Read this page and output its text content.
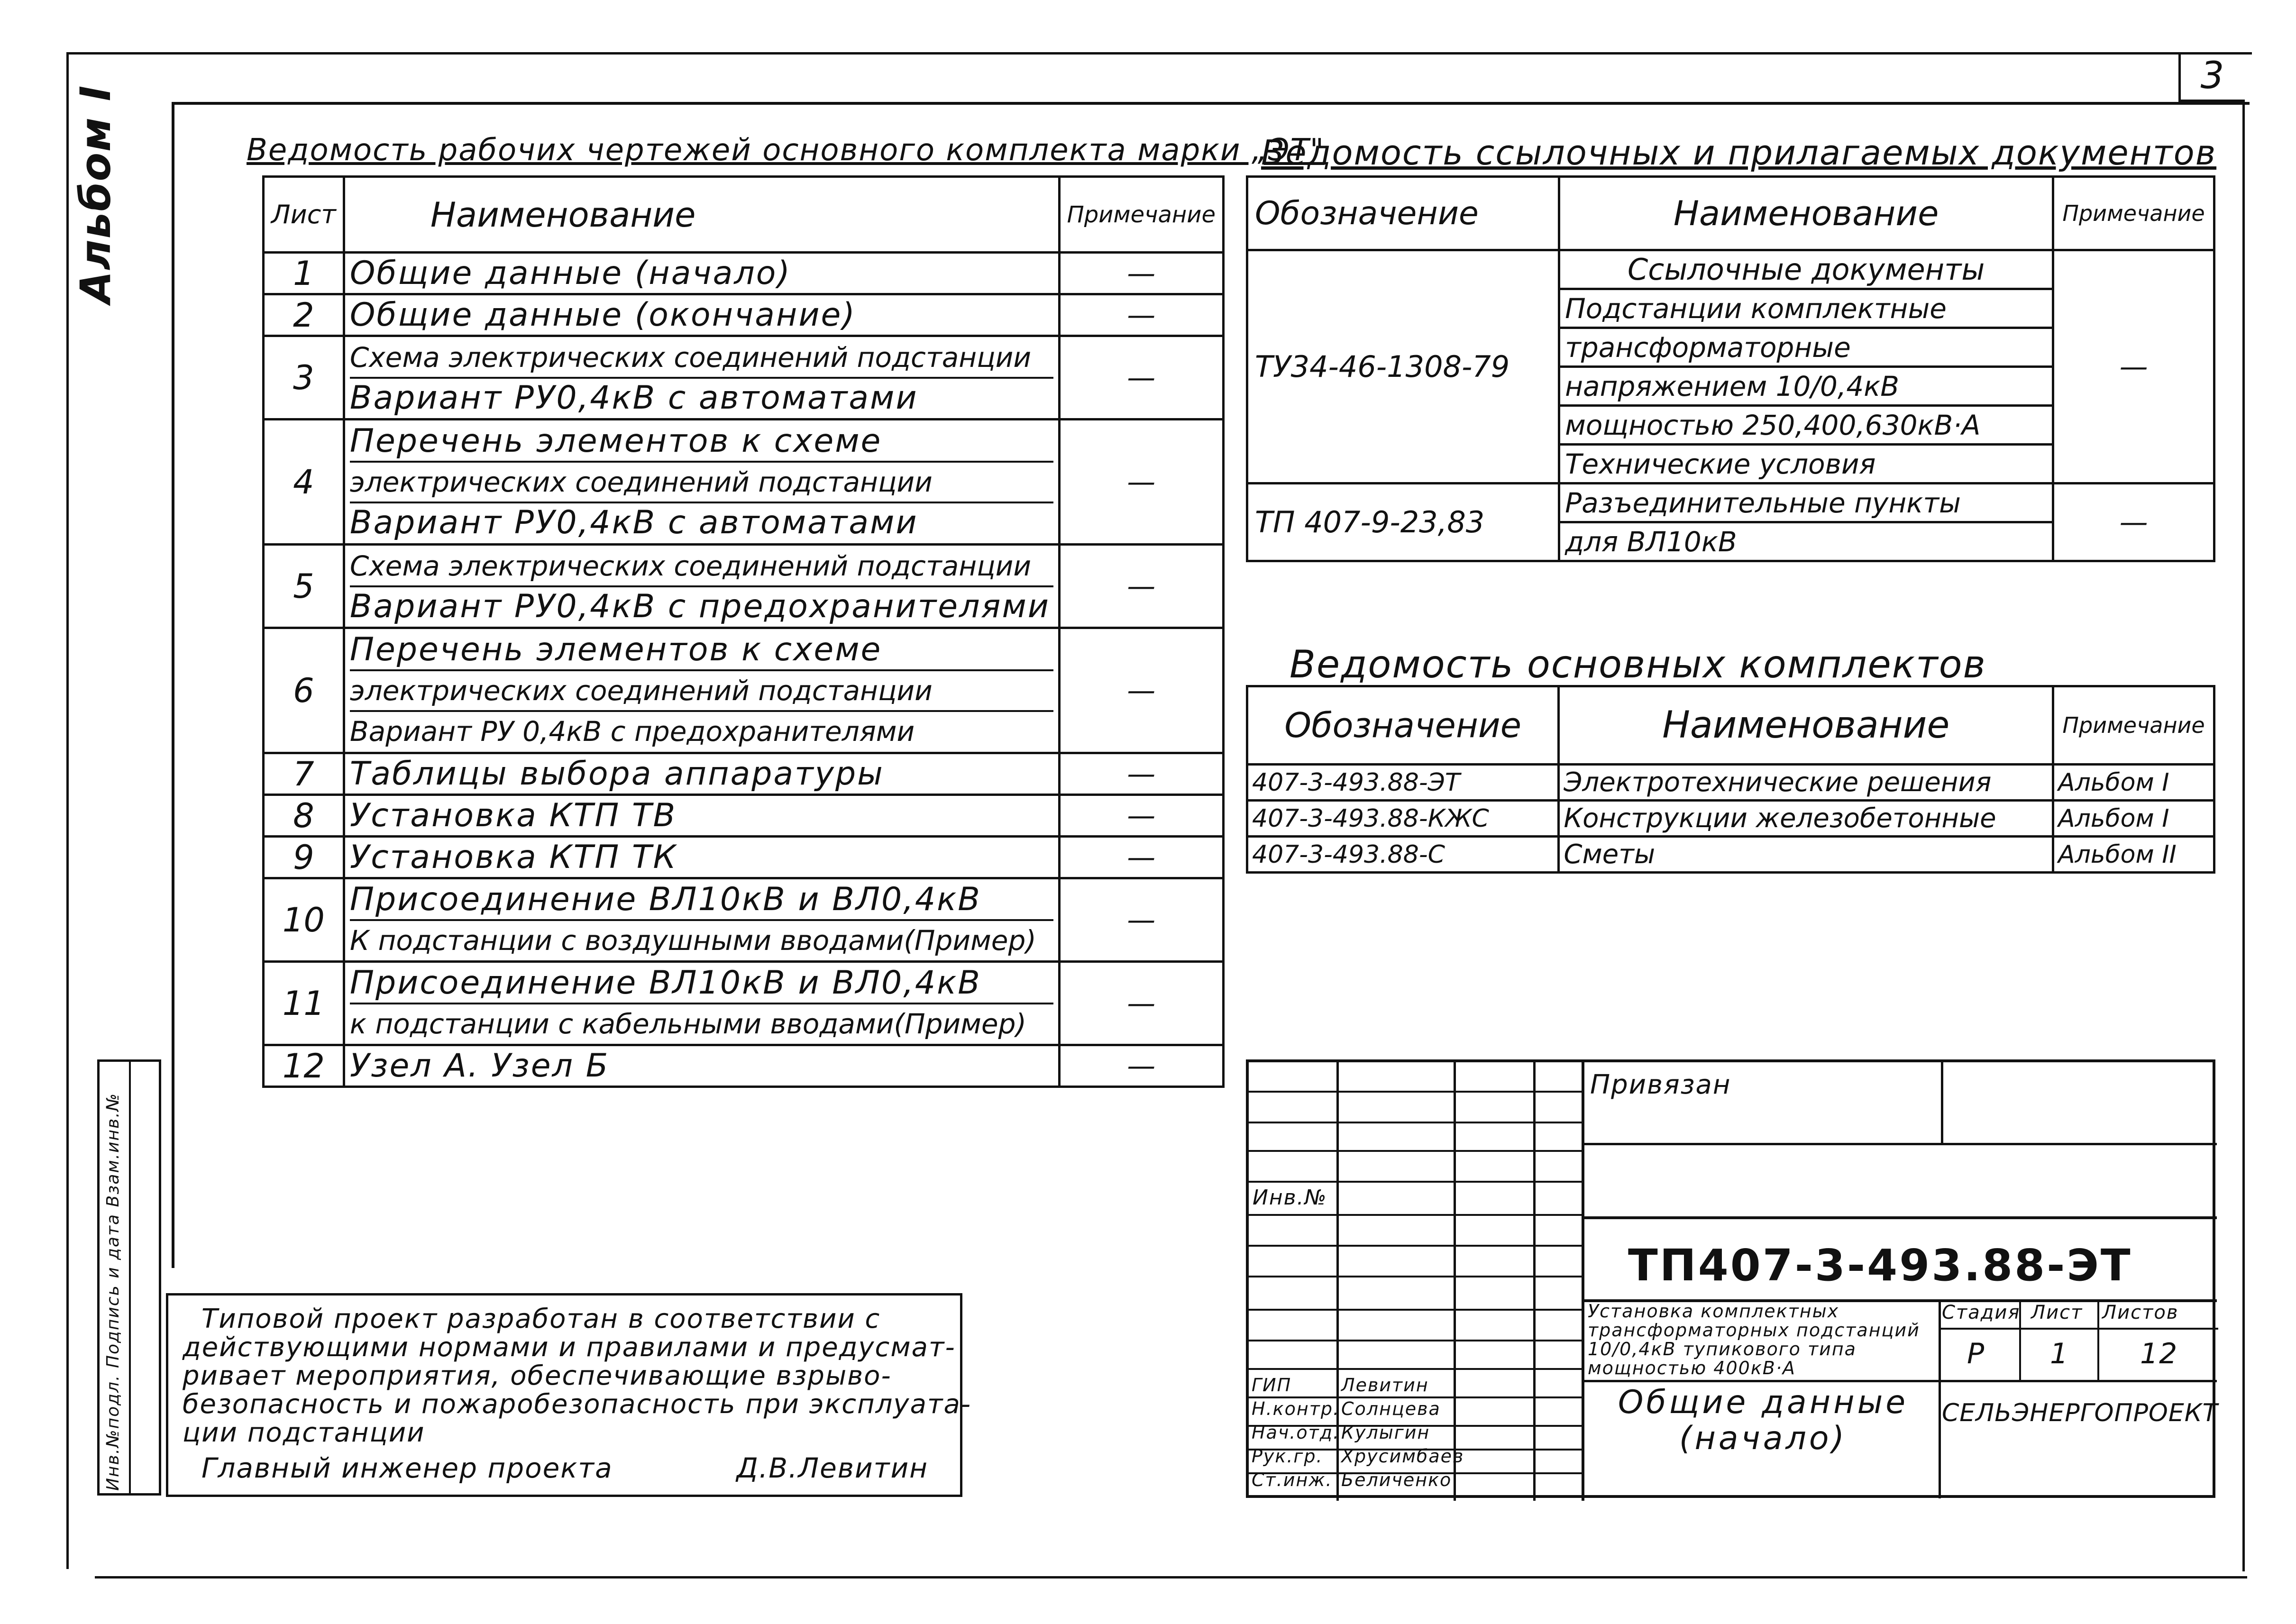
3
Альбом I
Инв.№подл. Подпись и дата Взам.инв.№
Ведомость рабочих чертежей основного комплекта марки „ЭТ"
Лист	Наименование	Примечание
1	Общие данные (начало)	—
2	Общие данные (окончание)	—
3	Схема электрических соединений подстанции
Вариант РУ0,4кВ с автоматами	—
4	Перечень элементов к схеме
электрических соединений подстанции
Вариант РУ0,4кВ с автоматами	—
5	Схема электрических соединений подстанции
Вариант РУ0,4кВ с предохранителями	—
6	Перечень элементов к схеме
электрических соединений подстанции
Вариант РУ 0,4кВ с предохранителями	—
7	Таблицы выбора аппаратуры	—
8	Установка КТП ТВ	—
9	Установка КТП ТК	—
10	Присоединение ВЛ10кВ и ВЛ0,4кВ
К подстанции с воздушными вводами(Пример)	—
11	Присоединение ВЛ10кВ и ВЛ0,4кВ
к подстанции с кабельными вводами(Пример)	—
12	Узел А. Узел Б	—
Ведомость ссылочных и прилагаемых документов
Обозначение	Наименование	Примечание
ТУ34-46-1308-79	Ссылочные документы	—
	Подстанции комплектные	
	трансформаторные	
	напряжением 10/0,4кВ	
	мощностью 250,400,630кВ·А	
	Технические условия	
ТП 407-9-23,83	Разъединительные пункты	—
	для ВЛ10кВ	
Ведомость основных комплектов
Обозначение	Наименование	Примечание
407-3-493.88-ЭТ	Электротехнические решения	Альбом I
407-3-493.88-КЖС	Конструкции железобетонные	Альбом I
407-3-493.88-С	Сметы	Альбом II
Типовой проект разработан в соответствии с
действующими нормами и правилами и предусмат-
ривает мероприятия, обеспечивающие взрыво-
безопасность и пожаробезопасность при эксплуата-
ции подстанции
Главный инженер проекта	Д.В.Левитин
ГИП	Левитин
Н.контр. Солнцева
Нач.отд. Кулыгин
Рук.гр. Хрусимбаев
Ст.инж. Беличенко
Привязан
Инв.№
ТП407-3-493.88-ЭТ
Установка комплектных
трансформаторных подстанций
10/0,4кВ тупикового типа
мощностью 400кВ·А
Стадия Лист Листов
Р 1 12
Общие данные
(начало)
СЕЛЬЭНЕРГОПРОЕКТ
